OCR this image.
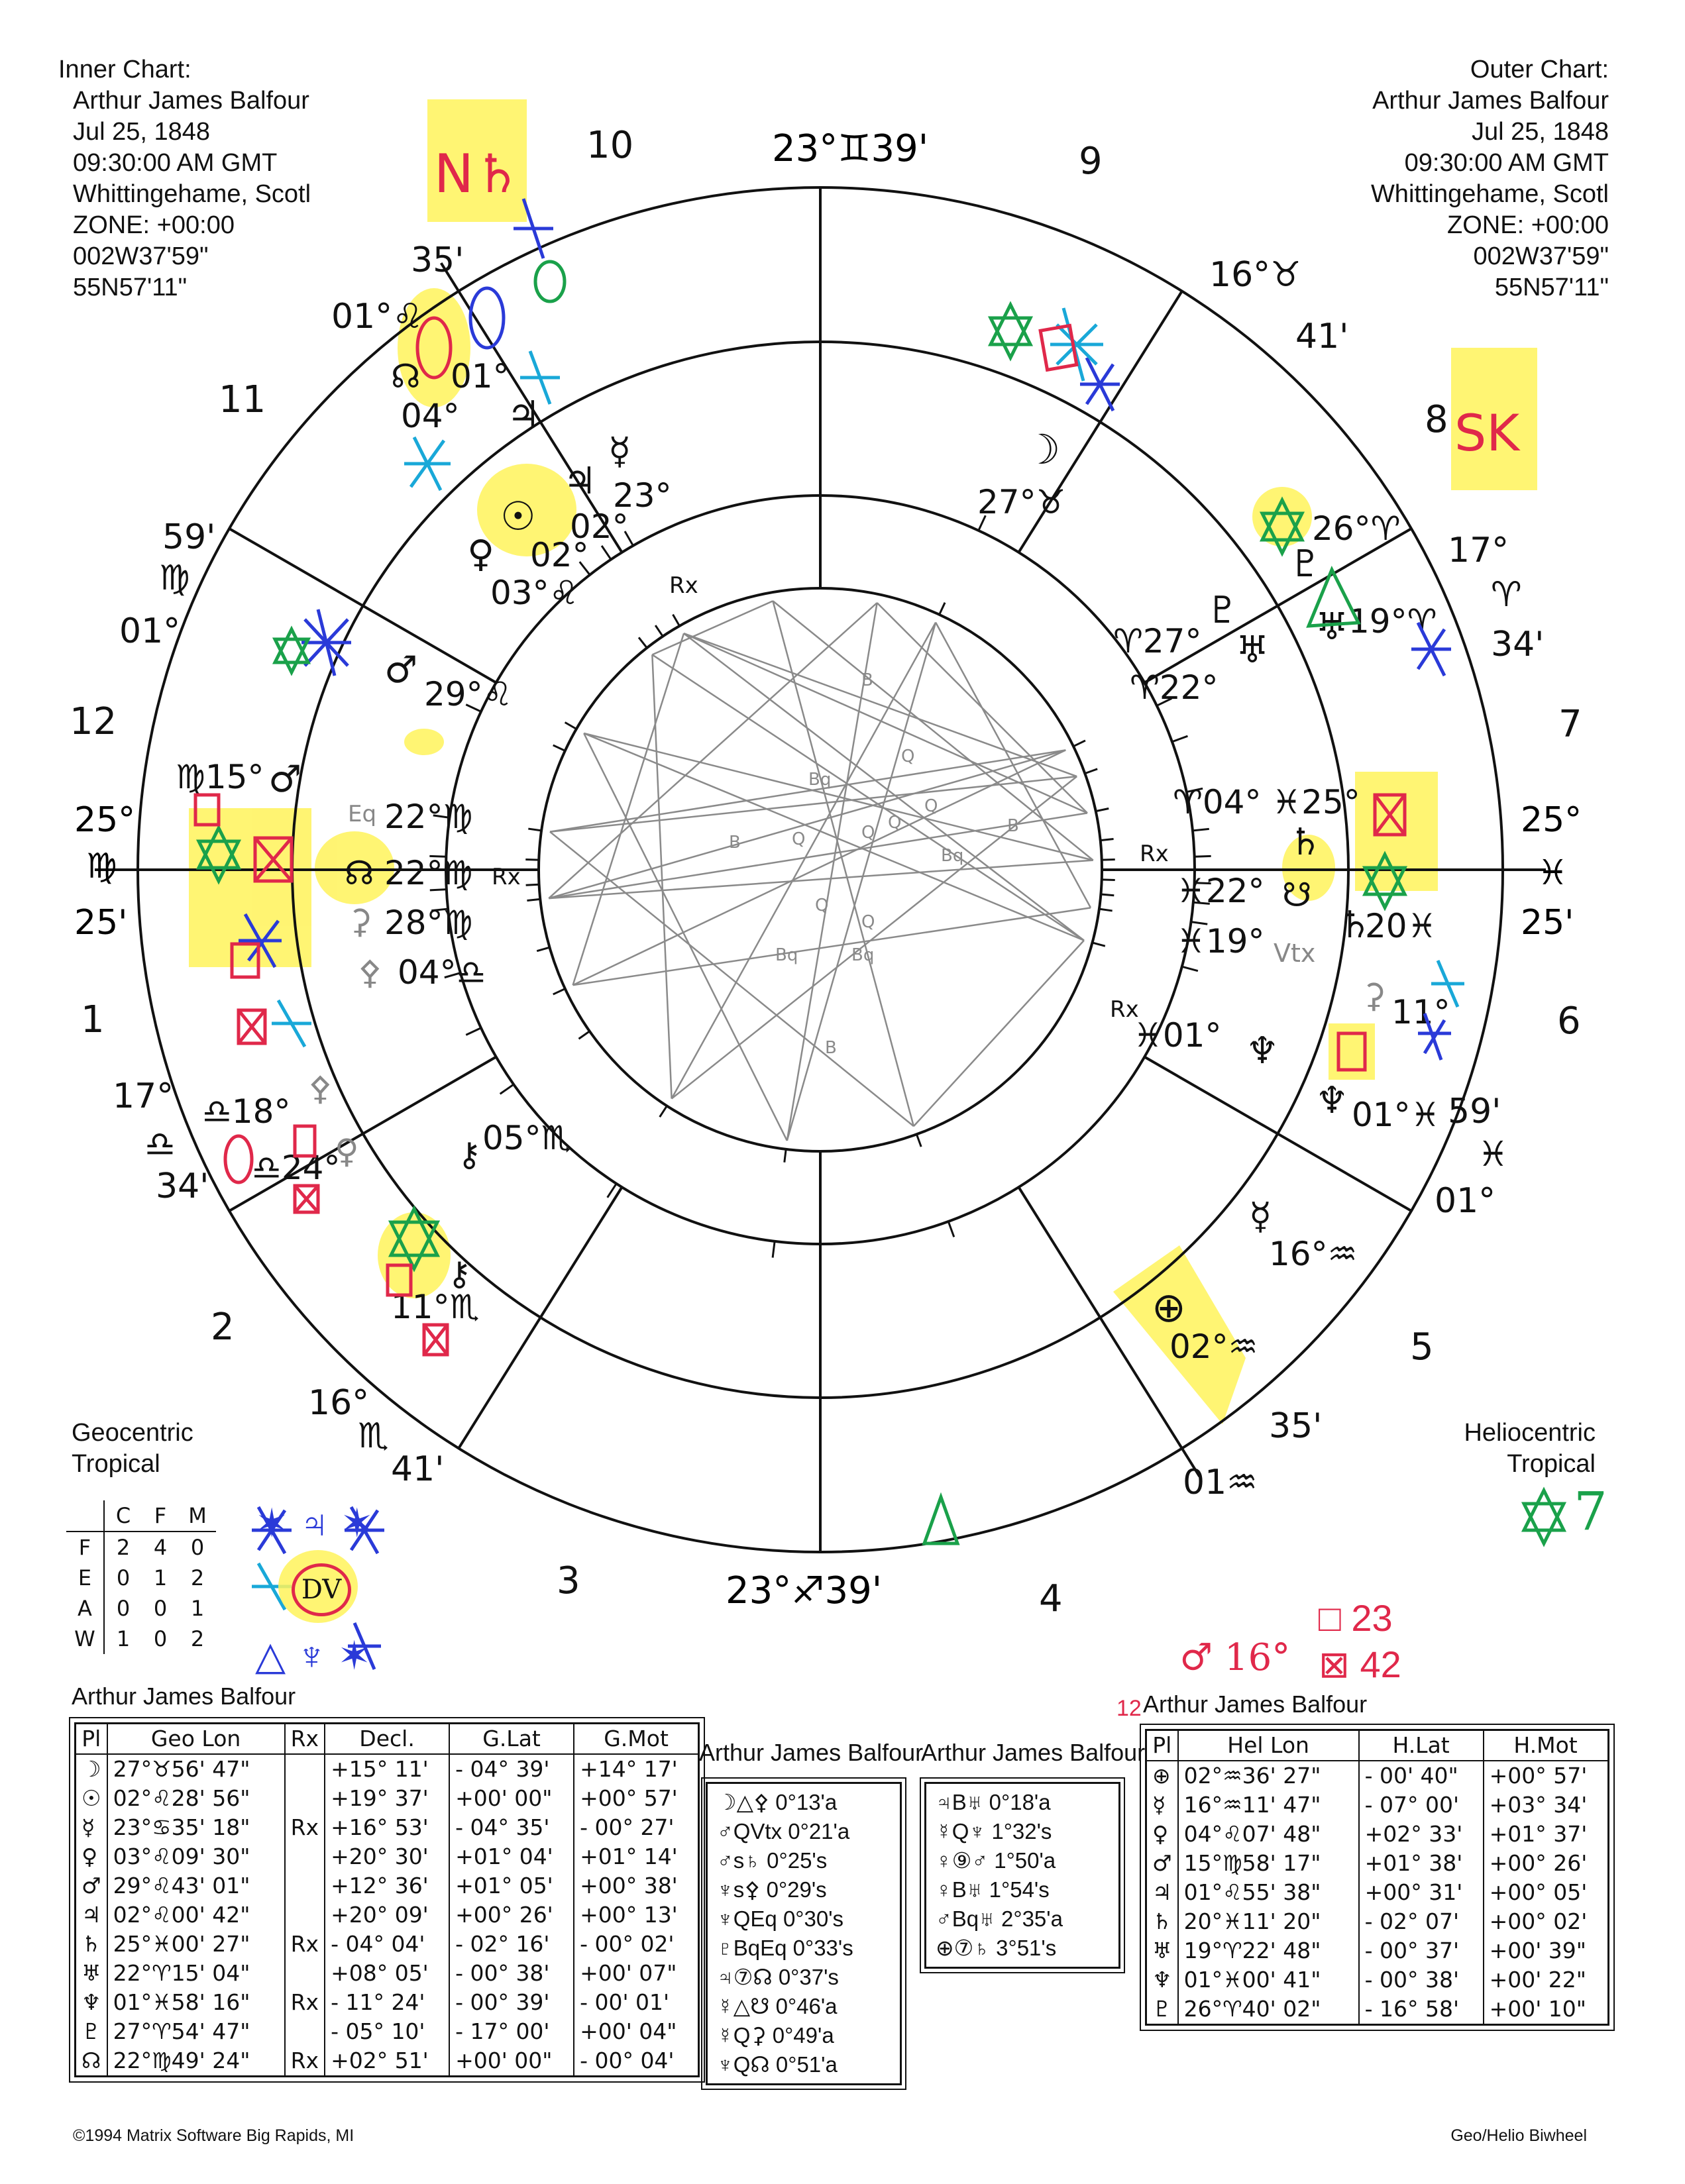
Inner Chart:
Arthur James Balfour
Jul 25, 1848
09:30:00 AM GMT
Whittingehame, Scotl
ZONE: +00:00
002W37'59"
55N57'11"
Outer Chart:
Arthur James Balfour
Jul 25, 1848
09:30:00 AM GMT
Whittingehame, Scotl
ZONE: +00:00
002W37'59"
55N57'11"
B
B
Q	Q
Q
Bq
Bq
Q
Q
Bq
Bq
B
B
Q
Q
23°♊39'
23°♐39'
25°
♍
25'
25°
♓
25'
10	9
8
7
6
5
4
3
2
1
12
11
35'
01°♌
59'
♍
01°
17°
♎
34'
16°
♏
41'
16°♉
41'
17°
♈
34'
59'
♓
01°
35'
01♒
☿
23°
♃
02°
☉
02°
♀
03°♌
♂
29°♌
☽
27°♉
♇
♈27° ♅
♈22°
♈04° ♓25°
♄
22°♍
☊
Eq 22°♍
⚳ 28°♍
⚴ 04°♎
⚷ 05°♏
♓22° ☋
♓19° Vtx
♓01° ♆
Rx
Rx
Rx
Rx
01°
☊
04° ♃
♍15° ♂
26°♈
♇
19°♈
♅
20♓
♄
11°
⚳
01°♓
♆
☿
16°♒
⊕
02°♒
♎18°
⚴
♎24°
♀
11°♏
⚷
N♄
SK
Geocentric
Tropical
Heliocentric
Tropical
7
	C	F	M
F	2	4	0
E	0	1	2
A	0	0	1
W	1	0	2
DV
✶ ♃ ✶
△ ♆ ✶	♂ 16°
□ 23
⊠ 42
12
Arthur James Balfour
Pl	Geo Lon	Rx	Decl.	G.Lat	G.Mot
☽	27°♉56' 47"		+15° 11'	- 04° 39'	+14° 17'
☉	02°♌28' 56"		+19° 37'	+00' 00"	+00° 57'
☿	23°♋35' 18"	Rx	+16° 53'	- 04° 35'	- 00° 27'
♀	03°♌09' 30"		+20° 30'	+01° 04'	+01° 14'
♂	29°♌43' 01"		+12° 36'	+01° 05'	+00° 38'
♃	02°♌00' 42"		+20° 09'	+00° 26'	+00° 13'
♄	25°♓00' 27"	Rx	- 04° 04'	- 02° 16'	- 00° 02'
♅	22°♈15' 04"		+08° 05'	- 00° 38'	+00' 07"
♆	01°♓58' 16"	Rx	- 11° 24'	- 00° 39'	- 00' 01'
♇	27°♈54' 47"		- 05° 10'	- 17° 00'	+00' 04"
☊	22°♍49' 24"	Rx	+02° 51'	+00' 00"	- 00° 04'
Arthur James Balfour
☽△⚴ 0°13'a
♂QVtx 0°21'a
♂s♄ 0°25's
♆s⚴ 0°29's
♆QEq 0°30's
♇BqEq 0°33's
♃⑦☊ 0°37's
☿△☋ 0°46'a
☿Q⚳ 0°49'a
♆Q☊ 0°51'a
Arthur James Balfour
♃B♅ 0°18'a
☿Q♆ 1°32's
♀⑨♂ 1°50'a
♀B♅ 1°54's
♂Bq♅ 2°35'a
⊕⑦♄ 3°51's
Arthur James Balfour
Pl	Hel Lon	H.Lat	H.Mot
⊕	02°♒36' 27"	- 00' 40"	+00° 57'
☿	16°♒11' 47"	- 07° 00'	+03° 34'
♀	04°♌07' 48"	+02° 33'	+01° 37'
♂	15°♍58' 17"	+01° 38'	+00° 26'
♃	01°♌55' 38"	+00° 31'	+00° 05'
♄	20°♓11' 20"	- 02° 07'	+00° 02'
♅	19°♈22' 48"	- 00° 37'	+00' 39"
♆	01°♓00' 41"	- 00° 38'	+00' 22"
♇	26°♈40' 02"	- 16° 58'	+00' 10"
©1994 Matrix Software Big Rapids, MI	Geo/Helio Biwheel
